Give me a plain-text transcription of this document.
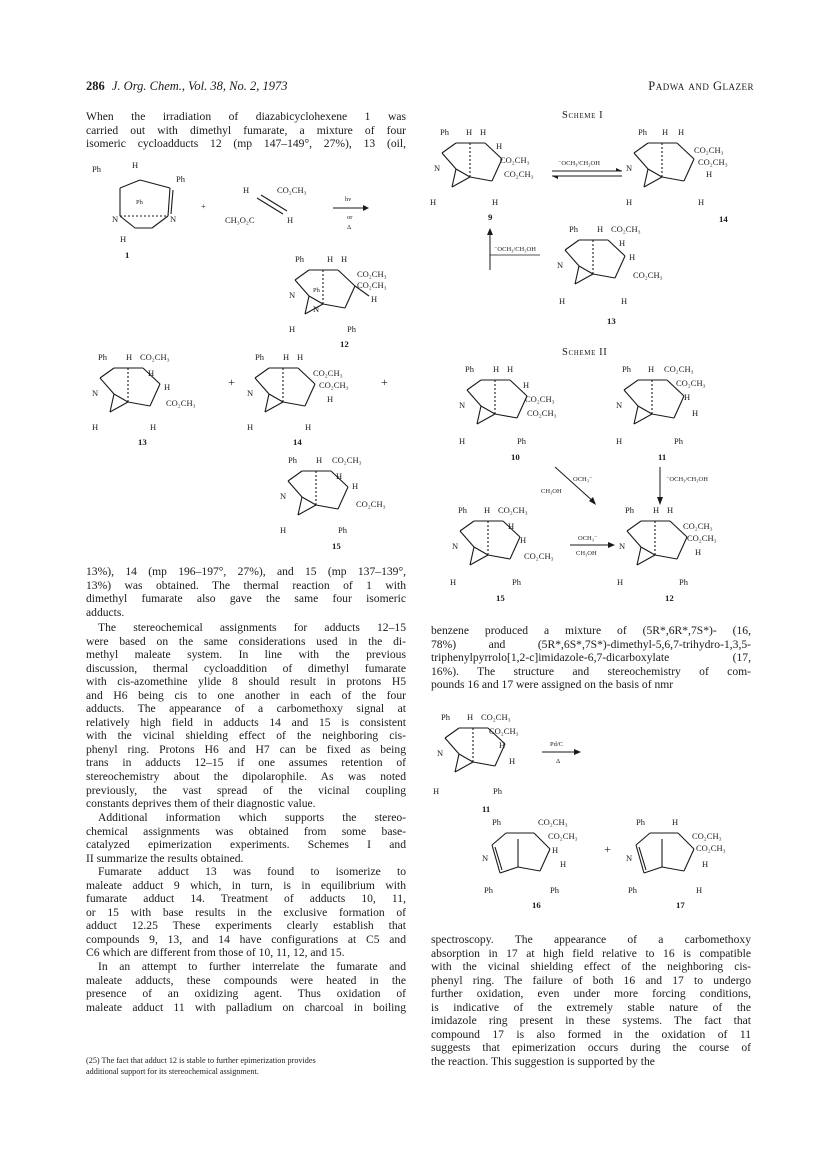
286 J. Org. Chem., Vol. 38, No. 2, 1973	Padwa and Glazer

When the irradiation of diazabicyclohexene 1 was
carried out with dimethyl fumarate, a mixture of four
isomeric cycloadducts 12 (mp 147–149°, 27%), 13 (oil,

13%), 14 (mp 196–197°, 27%), and 15 (mp 137–139°,
13%) was obtained. The thermal reaction of 1 with
dimethyl fumarate also gave the same four isomeric
adducts.

The stereochemical assignments for adducts 12–15
were based on the same considerations used in the di-
methyl maleate system. In line with the previous
discussion, thermal cycloaddition of dimethyl fumarate
with cis-azomethine ylide 8 should result in protons H5
and H6 being cis to one another in each of the four
adducts. The appearance of a carbomethoxy signal at
relatively high field in adducts 14 and 15 is consistent
with the vicinal shielding effect of the neighboring cis-
phenyl ring. Protons H6 and H7 can be fixed as being
trans in adducts 12–15 if one assumes retention of
stereochemistry about the dipolarophile. As was noted
previously, the vast spread of the vicinal coupling
constants deprives them of their diagnostic value.

Additional information which supports the stereo-
chemical assignments was obtained from some base-
catalyzed epimerization experiments. Schemes I and
II summarize the results obtained.

Fumarate adduct 13 was found to isomerize to
maleate adduct 9 which, in turn, is in equilibrium with
fumarate adduct 14. Treatment of adducts 10, 11,
or 15 with base results in the exclusive formation of
adduct 12.25 These experiments clearly establish that
compounds 9, 13, and 14 have configurations at C5 and
C6 which are different from those of 10, 11, 12, and 15.

In an attempt to further interrelate the fumarate and
maleate adducts, these compounds were heated in the
presence of an oxidizing agent. Thus oxidation of
maleate adduct 11 with palladium on charcoal in boiling

(25) The fact that adduct 12 is stable to further epimerization provides
additional support for its stereochemical assignment.
Scheme I
Scheme II

benzene produced a mixture of (5R*,6R*,7S*)- (16,
78%) and (5R*,6S*,7S*)-dimethyl-5,6,7-trihydro-1,3,5-
triphenylpyrrolo[1,2-c]imidazole-6,7-dicarboxylate (17,
16%). The structure and stereochemistry of com-
pounds 16 and 17 were assigned on the basis of nmr

spectroscopy. The appearance of a carbomethoxy
absorption in 17 at high field relative to 16 is compatible
with the vicinal shielding effect of the neighboring cis-
phenyl ring. The failure of both 16 and 17 to undergo
further oxidation, even under more forcing conditions,
is indicative of the extremely stable nature of the
imidazole ring present in these systems. The fact that
compound 17 is also formed in the oxidation of 11
suggests that epimerization occurs during the course of
the reaction. This suggestion is supported by the

Ph	H
Ph
Ph
N	N
H
1
+
H	CO₂CH₃
CH₃O₂C	H
hν
or
Δ
Ph	H H
CO₂CH₃
CO₂CH₃
Ph
H
N
N
H	Ph
12
Ph H CO₂CH₃
H
H
CO₂CH₃
N
H	H
13
+
Ph H H
CO₂CH₃
CO₂CH₃
H
N
H	H
14
+
Ph H CO₂CH₃
H
H
CO₂CH₃
N
H	Ph
15
Ph H H
H
CO₂CH₃
CO₂CH₃
N
H	H
9
⁻OCH₃/CH₃OH
Ph H H
CO₂CH₃
CO₂CH₃
H
N
H	H
14
⁻OCH₃/CH₃OH
Ph H CO₂CH₃
H
H
CO₂CH₃
N
H	H
13
Ph H H
H
CO₂CH₃
CO₂CH₃
N
H	Ph
10
Ph H CO₂CH₃
CO₂CH₃
H
H
N
H	Ph
11
OCH₃⁻
CH₃OH
⁻OCH₃/CH₃OH
Ph H CO₂CH₃
H
H
CO₂CH₃
N
H	Ph
15
OCH₃⁻
CH₃OH
Ph H H
CO₂CH₃
CO₂CH₃
H
N
H	Ph
12
Ph H CO₂CH₃
CO₂CH₃
H
H
N
H	Ph
11
Pd/C
Δ
Ph	CO₂CH₃
CO₂CH₃
H
H
N
Ph	Ph
16
+
Ph	H
CO₂CH₃
CO₂CH₃
H
N
Ph	H
17
